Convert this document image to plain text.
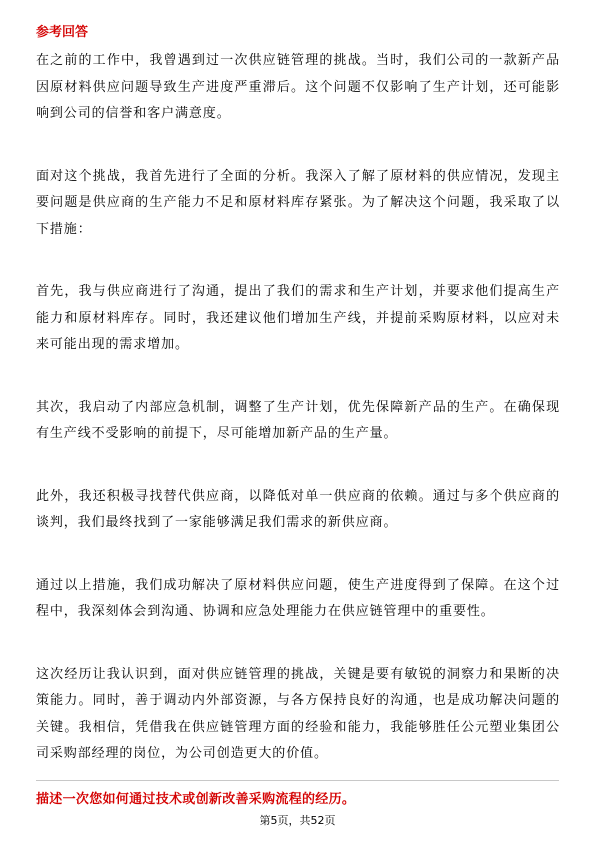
参考回答

在之前的工作中，我曾遇到过一次供应链管理的挑战。当时，我们公司的一款新产品因原材料供应问题导致生产进度严重滞后。这个问题不仅影响了生产计划，还可能影响到公司的信誉和客户满意度。

面对这个挑战，我首先进行了全面的分析。我深入了解了原材料的供应情况，发现主要问题是供应商的生产能力不足和原材料库存紧张。为了解决这个问题，我采取了以下措施：

首先，我与供应商进行了沟通，提出了我们的需求和生产计划，并要求他们提高生产能力和原材料库存。同时，我还建议他们增加生产线，并提前采购原材料，以应对未来可能出现的需求增加。

其次，我启动了内部应急机制，调整了生产计划，优先保障新产品的生产。在确保现有生产线不受影响的前提下，尽可能增加新产品的生产量。

此外，我还积极寻找替代供应商，以降低对单一供应商的依赖。通过与多个供应商的谈判，我们最终找到了一家能够满足我们需求的新供应商。

通过以上措施，我们成功解决了原材料供应问题，使生产进度得到了保障。在这个过程中，我深刻体会到沟通、协调和应急处理能力在供应链管理中的重要性。

这次经历让我认识到，面对供应链管理的挑战，关键是要有敏锐的洞察力和果断的决策能力。同时，善于调动内外部资源，与各方保持良好的沟通，也是成功解决问题的关键。我相信，凭借我在供应链管理方面的经验和能力，我能够胜任公元塑业集团公司采购部经理的岗位，为公司创造更大的价值。

描述一次您如何通过技术或创新改善采购流程的经历。
第5页，共52页
